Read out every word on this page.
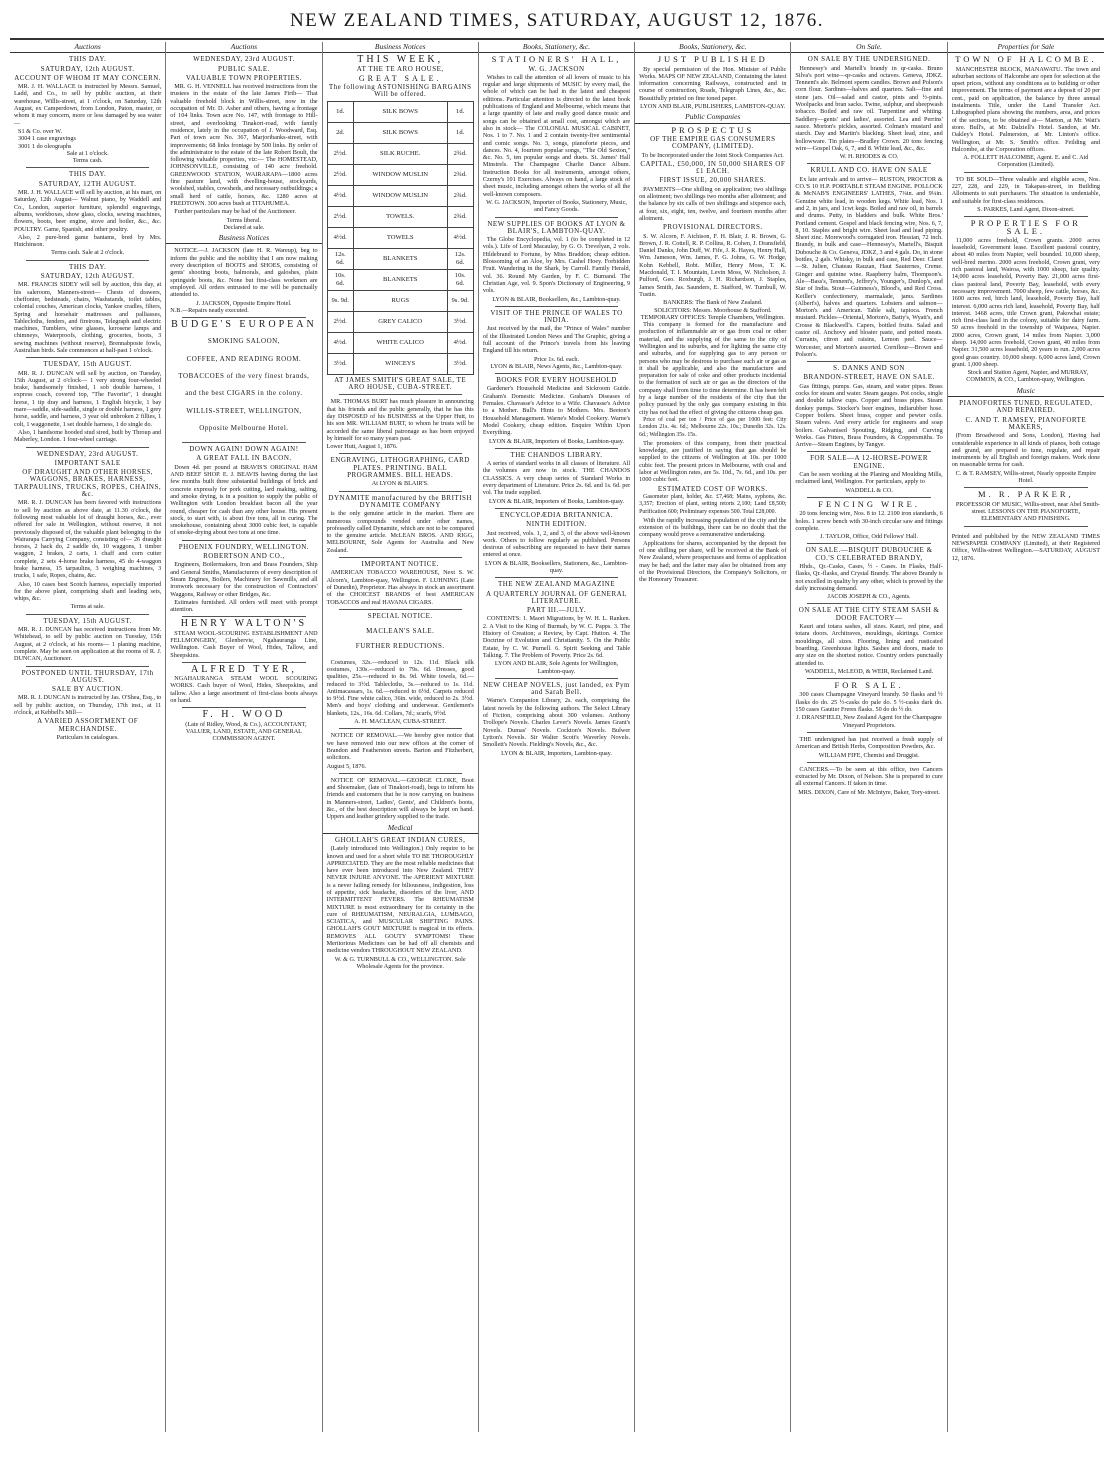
NEW ZEALAND TIMES, SATURDAY, AUGUST 12, 1876.
Auctions
THIS DAY.
SATURDAY, 12th AUGUST.
ACCOUNT OF WHOM IT MAY CONCERN.

MR. J. H. WALLACE is instructed by Messrs. Samuel, Ladd, and Co., to sell by public auction, at their warehouse, Willis-street, at 1 o'clock, on Saturday, 12th August, ex Camperdown, from London, Paton, master, or whom it may concern, more or less damaged by sea water—

S1 & Co. over W.
3004 1 case engravings
3001 1 do oleographs
Sale at 1 o'clock.
Terms cash.
THIS DAY.
SATURDAY, 12TH AUGUST.

MR. J. H. WALLACE will sell by auction, at his mart, on Saturday, 12th August— Walnut piano, by Waddell and Co., London, superior furniture, splendid engravings, albums, workboxes, show glass, clocks, sewing machines, flowers, boots, beer engine, stove and boiler, &c., &c. POULTRY. Game, Spanish, and other poultry.

Also, 2 pure-bred game bantams, bred by Mrs. Hutchinson.

Terms cash. Sale at 2 o'clock.
THIS DAY.
SATURDAY, 12th AUGUST.

MR. FRANCIS SIDEY will sell by auction, this day, at his saleroom, Manners-street— Chests of drawers, cheffonier, bedsteads, chairs, Washstands, toilet tables, colonial couches, American clocks, Yankee cradles, filters, Spring and horsehair mattresses and palliasses, Tablecloths, fenders, and fireirons, Telegraph and electric machines, Tumblers, wine glasses, kerosene lamps and chimneys, Waterproofs, clothing, groceries, boots, 3 sewing machines (without reserve), Brennabposte fowls, Australian birds. Sale commences at half-past 1 o'clock.

TUESDAY, 15th AUGUST.

MR. R. J. DUNCAN will sell by auction, on Tuesday, 15th August, at 2 o'clock— 1 very strong four-wheeled brake, handsomely finished, 1 sob double harness, 1 express coach, covered top, "The Favorite", 1 draught horse, 1 tip dray and harness, 1 English bicycle, 1 bay mare—saddle, side-saddle, single or double harness, 1 grey horse, saddle, and harness, 3 year old unbroken 2 fillies, 1 colt, 1 waggonette, 1 set double harness, 1 do single do.

Also, 1 handsome hooded stud sired, built by Throup and Maberley, London. 1 four-wheel carriage.

WEDNESDAY, 23rd AUGUST.
IMPORTANT SALE
OF DRAUGHT AND OTHER HORSES, WAGGONS, BRAKES, HARNESS, TARPAULINS, TRUCKS, ROPES, CHAINS, &c.

MR. R. J. DUNCAN has been favored with instructions to sell by auction as above date, at 11.30 o'clock, the following most valuable lot of draught horses, &c., ever offered for sale in Wellington, without reserve, it not previously disposed of, the valuable plant belonging to the Wairarapa Carrying Company, consisting of— 26 draught horses, 2 hack do, 2 saddle do, 10 waggons, 1 timber waggon, 2 brakes, 2 carts, 1 chaff and corn cutter complete, 2 sets 4-horse brake harness, 45 do 4-waggon brake harness, 15 tarpaulins, 3 weighing machines, 3 trucks, 1 safe, Ropes, chains, &c.

Also, 10 cases best Scotch harness, especially imported for the above plant, comprising shaft and leading sets, whips, &c.

Terms at sale.
TUESDAY, 15th AUGUST.

MR. R. J. DUNCAN has received instructions from Mr. Whitehead, to sell by public auction on Tuesday, 15th August, at 2 o'clock, at his rooms— 1 planing machine, complete. May be seen on application at the rooms of R. J. DUNCAN, Auctioneer.

POSTPONED UNTIL THURSDAY, 17th AUGUST.
SALE BY AUCTION.

MR. R. J. DUNCAN is instructed by Jas. O'Shea, Esq., to sell by public auction, on Thursday, 17th inst., at 11 o'clock, at Kebbell's Mill—

A VARIED ASSORTMENT OF MERCHANDISE.
Particulars in catalogues.
Auctions
WEDNESDAY, 23rd AUGUST.
PUBLIC SALE.
VALUABLE TOWN PROPERTIES.

MR. G. H. VENNELL has received instructions from the trustees in the estate of the late James Firth— That valuable freehold block in Willis-street, now in the occupation of Mr. D. Asher and others, having a frontage of 104 links. Town acre No. 147, with frontage to Hill-street, and overlooking Tinakori-road, with family residence, lately in the occupation of J. Woodward, Esq. Part of town acre No. 367, Marjoribanks-street, with improvements; 68 links frontage by 500 links. By order of the administrator to the estate of the late Robert Boult, the following valuable properties, viz:— The HOMESTEAD, JOHNSONVILLE, consisting of 140 acre freehold. GREENWOOD STATION, WAIRARAPA—1800 acres fine pasture land, with dwelling-house, stockyards, woolshed, stables, cowsheds, and necessary outbuildings; a small herd of cattle, horses, &c. 1280 acres at FREDTOWN. 300 acres bush at TITAHUMEA.

Further particulars may be had of the Auctioneer.

Terms liberal.
Declared at sale.
Business Notices

NOTICE.—J. JACKSON (late H. R. Wareup), beg to inform the public and the nobility that I am now making every description of BOOTS and SHOES, consisting of gents' shooting boots, balmorals, and galoshes, plain springside boots, &c. None but first-class workmen are employed. All orders entrusted to me will be punctually attended to.

J. JACKSON, Opposite Empire Hotel.
N.B.—Repairs neatly executed.
BUDGE'S EUROPEAN
SMOKING SALOON,
COFFEE, AND READING ROOM.
TOBACCOES of the very finest brands,
and the best CIGARS in the colony.
WILLIS-STREET, WELLINGTON,
Opposite Melbourne Hotel.
DOWN AGAIN! DOWN AGAIN!
A GREAT FALL IN BACON.

Down 4d. per pound at BRAVIS'S ORIGINAL HAM AND BEEF SHOP. E. J. BEAVIS having during the last few months built three substantial buildings of brick and concrete expressly for pork cutting, lard making, salting, and smoke drying, is in a position to supply the public of Wellington with London breakfast bacon all the year round, cheaper for cash than any other house. His present stock, to start with, is about five tons, all in curing. The smokehouse, containing about 3000 cubic feet, is capable of smoke-drying about two tons at one time.

PHOENIX FOUNDRY, WELLINGTON.
ROBERTSON AND CO.,

Engineers, Boilermakers, Iron and Brass Founders, Ship and General Smiths, Manufacturers of every description of Steam Engines, Boilers, Machinery for Sawmills, and all ironwork necessary for the construction of Contractors' Waggons, Railway or other Bridges, &c.

Estimates furnished. All orders will meet with prompt attention.

HENRY WALTON'S

STEAM WOOL-SCOURING ESTABLISHMENT AND FELLMONGERY, Glenbervie, Ngahauranga Line, Wellington. Cash Buyer of Wool, Hides, Tallow, and Sheepskins.

ALFRED TYER,

NGAHAURANGA STEAM WOOL SCOURING WORKS. Cash buyer of Wool, Hides, Sheepskins, and tallow. Also a large assortment of first-class boots always on hand.

F. H. WOOD

(Late of Ridley, Wood, & Co.), ACCOUNTANT, VALUER, LAND, ESTATE, AND GENERAL COMMISSION AGENT.

Business Notices
THIS WEEK,
AT THE TE ARO HOUSE,
GREAT SALE.
The following ASTONISHING BARGAINS Will be offered.
1d.	SILK BOWS	1d.
2d.	SILK BOWS	1d.
2½d.	SILK RUCHE.	2¾d.
2½d.	WINDOW MUSLIN	2¾d.
4½d.	WINDOW MUSLIN	2¾d.
2½d.	TOWELS.	2¾d.
4½d.	TOWELS	4½d.
12s. 6d.	BLANKETS	12s. 6d.
10s. 6d.	BLANKETS	10s. 6d.
9s. 9d.	RUGS	9s. 9d.
2½d.	GREY CALICO	3½d.
4½d.	WHITE CALICO	4½d.
3½d.	WINCEYS	3½d.
AT JAMES SMITH'S GREAT SALE, TE ARO HOUSE, CUBA-STREET.

MR. THOMAS BURT has much pleasure in announcing that his friends and the public generally, that he has this day DISPOSED of his BUSINESS at the Upper Hutt, to his son MR. WILLIAM BURT, to whom he trusts will be accorded the same liberal patronage as has been enjoyed by himself for so many years past.

Lower Hutt, August 1, 1876.
ENGRAVING, LITHOGRAPHING, CARD PLATES. PRINTING. BALL PROGRAMMES. BILL HEADS.
At LYON & BLAIR'S.
DYNAMITE manufactured by the BRITISH DYNAMITE COMPANY

is the only genuine article in the market. There are numerous compounds vended under other names, professedly called Dynamite, which are not to be compared to the genuine article. McLEAN BROS. AND RIGG, MELBOURNE, Sole Agents for Australia and New Zealand.

IMPORTANT NOTICE.

AMERICAN TOBACCO WAREHOUSE, Next S. W. Alcorn's, Lambton-quay, Wellington. F. LUHNING (Late of Dunedin), Proprietor. Has always in stock an assortment of the CHOICEST BRANDS of best AMERICAN TOBACCOS and real HAVANA CIGARS.

SPECIAL NOTICE.
MACLEAN'S SALE.
FURTHER REDUCTIONS.

Costumes, 32s.—reduced to 12s. 11d. Black silk costumes, 130s.—reduced to 79s. 6d. Dresses, good qualities, 25s.—reduced to 8s. 9d. White towels, 6d.—reduced to 3½d. Tablecloths, 3s.—reduced to 1s. 11d. Antimacassars, 1s. 6d.—reduced to 6½d. Carpets reduced to 9½d. Fine white calico, 36in. wide, reduced to 2s. 3½d. Men's and boys' clothing and underwear. Gentlemen's blankets, 12s., 16s. 6d. Collars, 7d.; scarfs, 9½d.

A. H. MACLEAN, CUBA-STREET.

NOTICE OF REMOVAL.—We hereby give notice that we have removed into our new offices at the corner of Brandon and Featherston streets. Barton and Fitzherbert, solicitors.

August 5, 1876.

NOTICE OF REMOVAL.—GEORGE CLOKE, Boot and Shoemaker, (late of Tinakori-road), begs to inform his friends and customers that he is now carrying on business in Manners-street, Ladies', Gents', and Children's boots, &c., of the best description will always be kept on hand. Uppers and leather grindery supplied to the trade.

Medical
GHOLLAH'S GREAT INDIAN CURES,

(Lately introduced into Wellington.) Only require to be known and used for a short while TO BE THOROUGHLY APPRECIATED. They are the most reliable medicines that have ever been introduced into New Zealand. THEY NEVER INJURE ANYONE. The APERIENT MIXTURE is a never failing remedy for biliousness, indigestion, loss of appetite, sick headache, disorders of the liver, AND INTERMITTENT FEVERS. The RHEUMATISM MIXTURE is most extraordinary for its certainty in the cure of RHEUMATISM, NEURALGIA, LUMBAGO, SCIATICA, and MUSCULAR SHIFTING PAINS. GHOLLAH'S GOUT MIXTURE is magical in its effects. REMOVES ALL GOUTY SYMPTOMS! These Meritorious Medicines can be had off all chemists and medicine vendors THROUGHOUT NEW ZEALAND.

W. & G. TURNBULL & CO., WELLINGTON. Sole Wholesale Agents for the province.
Books, Stationery, &c.
STATIONERS' HALL,
W. G. JACKSON

Wishes to call the attention of all lovers of music to his regular and large shipments of MUSIC by every mail, the whole of which can be had in the latest and cheapest editions. Particular attention is directed to the latest book publications of England and Melbourne, which means that a large quantity of late and really good dance music and songs can be obtained at small cost, amongst which are also in stock— The COLONIAL MUSICAL CABINET, Nos. 1 to 7. No. 1 and 2 contain twenty-five sentimental and comic songs. No. 3, songs, pianoforte pieces, and dances. No. 4, fourteen popular songs, "The Old Sexton," &c. No. 5, ten popular songs and duets. St. James' Hall Minstrels. The Champagne Charlie Dance Album. Instruction Books for all instruments, amongst others, Czerny's 101 Exercises. Always on hand, a large stock of sheet music, including amongst others the works of all the well-known composers.

W. G. JACKSON, Importer of Books, Stationery, Music, and Fancy Goods.
NEW SUPPLIES OF BOOKS AT LYON & BLAIR'S, LAMBTON-QUAY.

The Globe Encyclopedia, vol. 1 (to be completed in 12 vols.). Life of Lord Macaulay, by G. O. Trevelyan, 2 vols. Hildebrand to Fortune, by Miss Braddon; cheap edition. Blossoming of an Aloe, by Mrs. Cashel Hoey. Forbidden Fruit. Wandering in the Shark, by Carroll. Family Herald, vol. 36. Round My Garden, by F. C. Burnand. The Christian Age, vol. 9. Spon's Dictionary of Engineering, 9 vols.

LYON & BLAIR, Booksellers, &c., Lambton-quay.
VISIT OF THE PRINCE OF WALES TO INDIA.

Just received by the mail, the "Prince of Wales" number of the Illustrated London News and The Graphic, giving a full account of the Prince's travels from his leaving England till his return.

Price 1s. 6d. each.
LYON & BLAIR, News Agents, &c., Lambton-quay.
BOOKS FOR EVERY HOUSEHOLD

Gardener's Household Medicine and Sickroom Guide. Graham's Domestic Medicine. Graham's Diseases of Females. Chavasse's Advice to a Wife. Chavasse's Advice to a Mother. Bull's Hints to Mothers. Mrs. Beeton's Household Management. Warne's Model Cookery. Warne's Model Cookery, cheap edition. Enquire Within Upon Everything.

LYON & BLAIR, Importers of Books, Lambton-quay.
THE CHANDOS LIBRARY.

A series of standard works in all classes of literature. All the volumes are now in stock. THE CHANDOS CLASSICS. A very cheap series of Standard Works in every department of Literature. Price 2s. 6d. and 1s. 6d. per vol. The trade supplied.

LYON & BLAIR, Importers of Books, Lambton-quay.
ENCYCLOPÆDIA BRITANNICA.
NINTH EDITION.

Just received, vols. 1, 2, and 3, of the above well-known work. Others to follow regularly as published. Persons desirous of subscribing are requested to have their names entered at once.

LYON & BLAIR, Booksellers, Stationers, &c., Lambton-quay.
THE NEW ZEALAND MAGAZINE
A QUARTERLY JOURNAL OF GENERAL LITERATURE.
PART III.—JULY.

CONTENTS: 1. Maori Migrations, by W. H. L. Ranken. 2. A Visit to the King of Burmah, by W. C. Papps. 3. The History of Creation; a Review, by Capt. Hutton. 4. The Doctrine of Evolution and Christianity. 5. On the Public Estate, by C. W. Purnell. 6. Spirit Seeking and Table Talking. 7. The Problem of Poverty. Price 2s. 6d.

LYON AND BLAIR, Sole Agents for Wellington, Lambton-quay.
NEW CHEAP NOVELS, just landed, ex Pym and Sarah Bell.

Warne's Companion Library, 2s. each, comprising the latest novels by the following authors. The Select Library of Fiction, comprising about 300 volumes. Anthony Trollope's Novels. Charles Lever's Novels. James Grant's Novels. Dumas' Novels. Cockton's Novels. Bulwer Lytton's Novels. Sir Walter Scott's Waverley Novels. Smollett's Novels. Fielding's Novels, &c., &c.

LYON & BLAIR, Importers, Lambton-quay.
Books, Stationery, &c.
JUST PUBLISHED

By special permission of the Hon. Minister of Public Works. MAPS OF NEW ZEALAND, Containing the latest information concerning Railways, constructed and in course of construction, Roads, Telegraph Lines, &c., &c. Beautifully printed on fine toned paper.

LYON AND BLAIR, PUBLISHERS, LAMBTON-QUAY.
Public Companies
PROSPECTUS
OF THE EMPIRE GAS CONSUMERS COMPANY, (LIMITED).
To be Incorporated under the Joint Stock Companies Act.
CAPITAL, £50,000, IN 50,000 SHARES OF £1 EACH.
FIRST ISSUE, 20,000 SHARES.

PAYMENTS—One shilling on application; two shillings on allotment; two shillings two months after allotment; and the balance by six calls of two shillings and sixpence each, at four, six, eight, ten, twelve, and fourteen months after allotment.

PROVISIONAL DIRECTORS.

S. W. Alcorn, F. Atchison, F. H. Blair, J. R. Brown, G. Brown, J. R. Cottell, R. P. Collins, R. Cohen, J. Dransfield, Daniel Danks, John Duff, W. Fife, J. R. Hayes, Henry Hall, Wm. Jameson, Wm. James, F. G. Johns, G. W. Hodge, Kohn Kebbell, Robt. Miller, Henry Moss, T. K. Macdonald, T. I. Mountain, Levin Moss, W. Nicholson, J. Pulford, Geo. Roxburgh, J. H. Richardson, J. Staples, James Smith, Jas. Saunders, E. Stafford, W. Turnbull, W. Tustin.

BANKERS: The Bank of New Zealand.
SOLICITORS: Messrs. Moorhouse & Stafford.
TEMPORARY OFFICES: Temple Chambers, Wellington.

This company is formed for the manufacture and production of inflammable air or gas from coal or other material, and the supplying of the same to the city of Wellington and its suburbs, and for lighting the same city and suburbs, and for supplying gas to any person or persons who may be desirous to purchase such air or gas as it shall be applicable, and also the manufacture and preparation for sale of coke and other products incidental to the formation of such air or gas as the directors of the company shall from time to time determine. It has been felt by a large number of the residents of the city that the policy pursued by the only gas company existing in this city has not had the effect of giving the citizens cheap gas.

Price of coal per ton / Price of gas per 1000 feet: City London 21s. 4s. 6d.; Melbourne 22s. 10s.; Dunedin 32s. 12s. 6d.; Wellington 35s. 15s.

The promoters of this company, from their practical knowledge, are justified in saying that gas should be supplied to the citizens of Wellington at 10s. per 1000 cubic feet. The present prices in Melbourne, with coal and labor at Wellington rates, are 5s. 10d., 7s. 6d., and 10s. per 1000 cubic feet.

ESTIMATED COST OF WORKS.

Gasometer plant, holder, &c. £7,468; Mains, syphons, &c. 3,357; Erection of plant, setting retorts 2,100; Land £8,500; Purification 600; Preliminary expenses 500. Total £28,000.

With the rapidly increasing population of the city and the extension of its buildings, there can be no doubt that the company would prove a remunerative undertaking.

Applications for shares, accompanied by the deposit fee of one shilling per share, will be received at the Bank of New Zealand, where prospectuses and forms of application may be had; and the latter may also be obtained from any of the Provisional Directors, the Company's Solicitors, or the Honorary Treasurer.

On Sale.
ON SALE BY THE UNDERSIGNED.

Hennessy's and Martell's brandy in qr-casks. Bruno Silva's port wine—qr-casks and octaves. Geneva, JDKZ. Tennent's ale. Belmont sperm candles. Brown and Polson's corn flour. Sardines—halves and quarters. Salt—fine and stone jars. Oil—salad and castor, pints and ½-pints. Woolpacks and bran sacks. Twine, sulphur, and sheepwash tobacco. Boiled and raw oil. Turpentine and whiting. Saddlery—gents' and ladies', assorted. Lea and Perrins' sauce. Morton's pickles, assorted. Colman's mustard and starch. Day and Martin's blacking. Sheet lead, zinc, and hollowware. Tin plates—Bradley Crown. 20 tons fencing wire—Gospel Oak, 6, 7, and 8. White lead, &c., &c.

W. H. RHODES & CO.
KRULL AND CO. HAVE ON SALE

Ex late arrivals and to arrive— RUSTON, PROCTOR & CO.'S 10 H.P. PORTABLE STEAM ENGINE. POLLOCK & McNAB'S ENGINEERS' LATHES, 7¼in. and 9¼in. Genuine white lead, in wooden kegs. White lead, Nos. 1 and 2, in jars, and 1cwt kegs. Boiled and raw oil, in barrels and drums. Putty, in bladders and bulk. White Bros.' Portland cement. Gospel and black fencing wire, Nos. 6, 7, 8, 10. Staples and bright wire. Sheet lead and lead piping. Sheet zinc. Morewood's corrugated iron. Hessian, 72 inch. Brandy, in bulk and case—Hennessy's, Martell's, Bisquit Dubouche & Co. Geneva, JDKZ, 3 and 4 gals. Do, in stone bottles, 2 gals. Whisky, in bulk and case, Red Deer. Claret—St. Julien, Chateau Rauzan, Haut Sauternes, Creme. Ginger and quinine wine. Raspberry balm, Thompson's. Ale—Bass's, Tennent's, Jeffrey's, Younger's, Dunlop's, and Star of India. Stout—Guinness's, Blood's, and Red Cross. Keiller's confectionery, marmalade, jams. Sardines (Albert's), halves and quarters. Lobsters and salmon—Morton's and American. Table salt, tapioca. French mustard. Pickles—Oriental, Morton's, Batty's, Wyatt's, and Crosse & Blackwell's. Capers, bottled fruits. Salad and castor oil. Anchovy and bloater paste, and potted meats. Currants, citron and raisins, Lemon peel. Sauce—Worcester, and Morton's assorted. Cornflour—Brown and Polson's.

S. DANKS AND SON
BRANDON-STREET, HAVE ON SALE.

Gas fittings, pumps. Gas, steam, and water pipes. Brass cocks for steam and water. Steam gauges. Pot cocks, single and double tallow cups. Copper and brass pipes. Steam donkey pumps. Stocker's beer engines, indiarubber hose. Copper boilers. Sheet brass, copper and pewter coils. Steam valves. And every article for engineers and soap boilers. Galvanised Spouting, Ridging, and Curving Works. Gas Fitters, Brass Founders, & Coppersmiths. To Arrive—Steam Engines, by Tangye.

FOR SALE—A 12-HORSE-POWER ENGINE.

Can be seen working at the Planing and Moulding Mills, reclaimed land, Wellington. For particulars, apply to

WADDELL & CO.
FENCING WIRE.

20 tons fencing wire, Nos. 8 to 12. 2100 iron standards, 6 holes. 1 screw bench with 30-inch circular saw and fittings complete.

J. TAYLOR, Office, Odd Fellows' Hall.
ON SALE.—BISQUIT DUBOUCHE & CO.'S CELEBRATED BRANDY,

Hhds., Qr.-Casks, Cases, ½ - Cases. In Flasks, Half-flasks, Qr.-flasks, and Crystal Brandy. The above Brandy is not excelled in quality by any other, which is proved by the daily increasing demand.

JACOB JOSEPH & CO., Agents.
ON SALE AT THE CITY STEAM SASH & DOOR FACTORY—

Kauri and totara sashes, all sizes. Kauri, red pine, and totara doors. Architraves, mouldings, skirtings. Cornice mouldings, all sizes. Flooring, lining and rusticated boarding. Greenhouse lights. Sashes and doors, made to any size on the shortest notice. Country orders punctually attended to.

WADDELL, McLEOD, & WEIR, Reclaimed Land.
FOR SALE.

300 cases Champagne Vineyard brandy. 50 flasks and ½ flasks do do. 25 ½-casks do pale do. 5 ½-casks dark do. 150 cases Gautier Freres flasks. 50 do do ½ do.

J. DRANSFIELD, New Zealand Agent for the Champagne Vineyard Proprietors.

THE undersigned has just received a fresh supply of American and British Herbs, Composition Powders, &c.

WILLIAM FIFE, Chemist and Druggist.

CANCERS.—To be seen at this office, two Cancers extracted by Mr. Dixon, of Nelson. She is prepared to cure all external Cancers. If taken in time.

MRS. DIXON, Care of Mr. McIntyre, Baker, Tory-street.
Properties for Sale
TOWN OF HALCOMBE.

MANCHESTER BLOCK, MANAWATU. The town and suburban sections of Halcombe are open for selection at the upset prices, without any conditions as to building or other improvement. The terms of payment are a deposit of 20 per cent., paid on application, the balance by three annual instalments. Title, under the Land Transfer Act. Lithographed plans showing the numbers, area, and prices of the sections, to be obtained at— Marton, at Mr. Watt's store. Bull's, at Mr. Dalziell's Hotel. Sandon, at Mr. Oakley's Hotel. Palmerston, at Mr. Linton's office. Wellington, at Mr. S. Smith's office. Feilding and Halcombe, at the Corporation offices.

A. FOLLETT HALCOMBE, Agent. E. and C. Aid Corporation (Limited).

TO BE SOLD—Three valuable and eligible acres, Nos. 227, 228, and 229, in Takapau-street, in Building Allotments to suit purchasers. The situation is undeniable, and suitable for first-class residences.

S. PARKES, Land Agent, Dixon-street.
PROPERTIES FOR SALE.

11,000 acres freehold, Crown grants. 2000 acres leasehold, Government lease. Excellent pastoral country, about 40 miles from Napier, well bounded. 10,000 sheep, well-bred merino. 2000 acres freehold, Crown grant, very rich pastoral land, Wairoa, with 1000 sheep, fair quality. 14,000 acres leasehold, Poverty Bay. 21,000 acres first-class pastoral land, Poverty Bay, leasehold, with every necessary improvement. 7000 sheep, few cattle, horses, &c. 1600 acres red, birch land, leasehold, Poverty Bay, half interest. 6,000 acres rich land, leasehold, Poverty Bay, half interest. 1468 acres, title Crown grant, Pakowhai estate; rich first-class land in the colony, suitable for dairy farm. 50 acres freehold in the township of Waipawa, Napier. 2000 acres, Crown grant, 14 miles from Napier. 3,000 sheep. 14,000 acres freehold, Crown grant, 40 miles from Napier. 31,500 acres leasehold, 20 years to run. 2,000 acres good grass country. 10,000 sheep. 6,000 acres land, Crown grant. 1,000 sheep.

Stock and Station Agent, Napier, and MURRAY, COMMON, & CO., Lambton-quay, Wellington.

Music
PIANOFORTES TUNED, REGULATED, AND REPAIRED.
C. AND T. RAMSEY, PIANOFORTE MAKERS,

(From Broadwood and Sons, London), Having had considerable experience in all kinds of pianos, both cottage and grand, are prepared to tune, regulate, and repair instruments by all English and foreign makers. Work done on reasonable terms for cash.

C. & T. RAMSEY, Willis-street, Nearly opposite Empire Hotel.
M. R. PARKER,

PROFESSOR OF MUSIC, Willis-street, near Abel Smith-street. LESSONS ON THE PIANOFORTE, ELEMENTARY AND FINISHING.

Printed and published by the NEW ZEALAND TIMES NEWSPAPER COMPANY (Limited), at their Registered Office, Willis-street Wellington.—SATURDAY, AUGUST 12, 1876.
